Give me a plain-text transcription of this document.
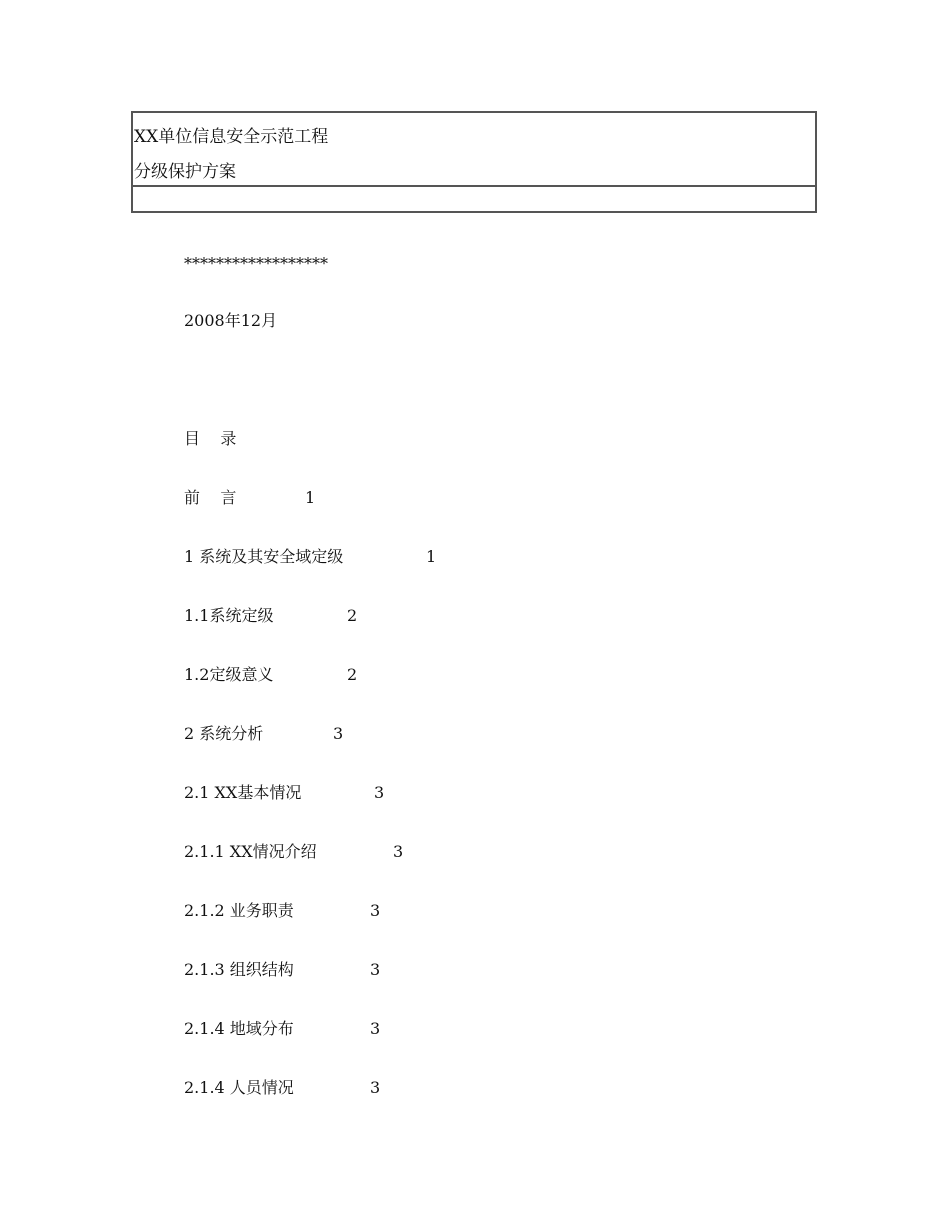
XX单位信息安全示范工程
分级保护方案
******************
2008年12月
目    录
前    言	1
1 系统及其安全域定级	1
1.1系统定级	2
1.2定级意义	2
2 系统分析	3
2.1 XX基本情况	3
2.1.1 XX情况介绍	3
2.1.2 业务职责	3
2.1.3 组织结构	3
2.1.4 地域分布	3
2.1.4 人员情况	3
